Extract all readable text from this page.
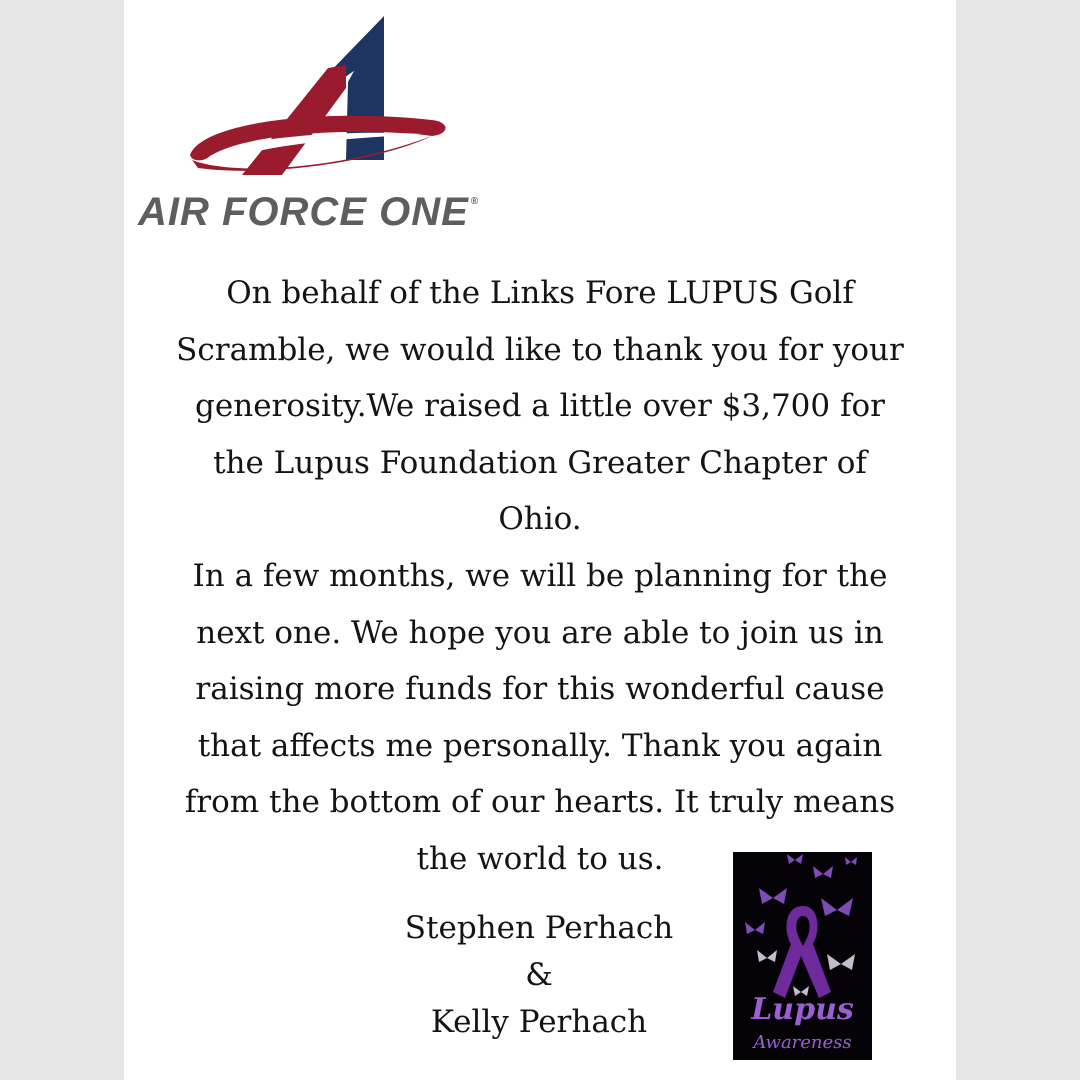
AIR FORCE ONE ®

On behalf of the Links Fore LUPUS Golf
Scramble, we would like to thank you for your
generosity.We raised a little over $3,700 for
the Lupus Foundation Greater Chapter of
Ohio.
In a few months, we will be planning for the
next one. We hope you are able to join us in
raising more funds for this wonderful cause
that affects me personally. Thank you again
from the bottom of our hearts. It truly means
the world to us.

Stephen Perhach
&
Kelly Perhach	Lupus
Awareness
